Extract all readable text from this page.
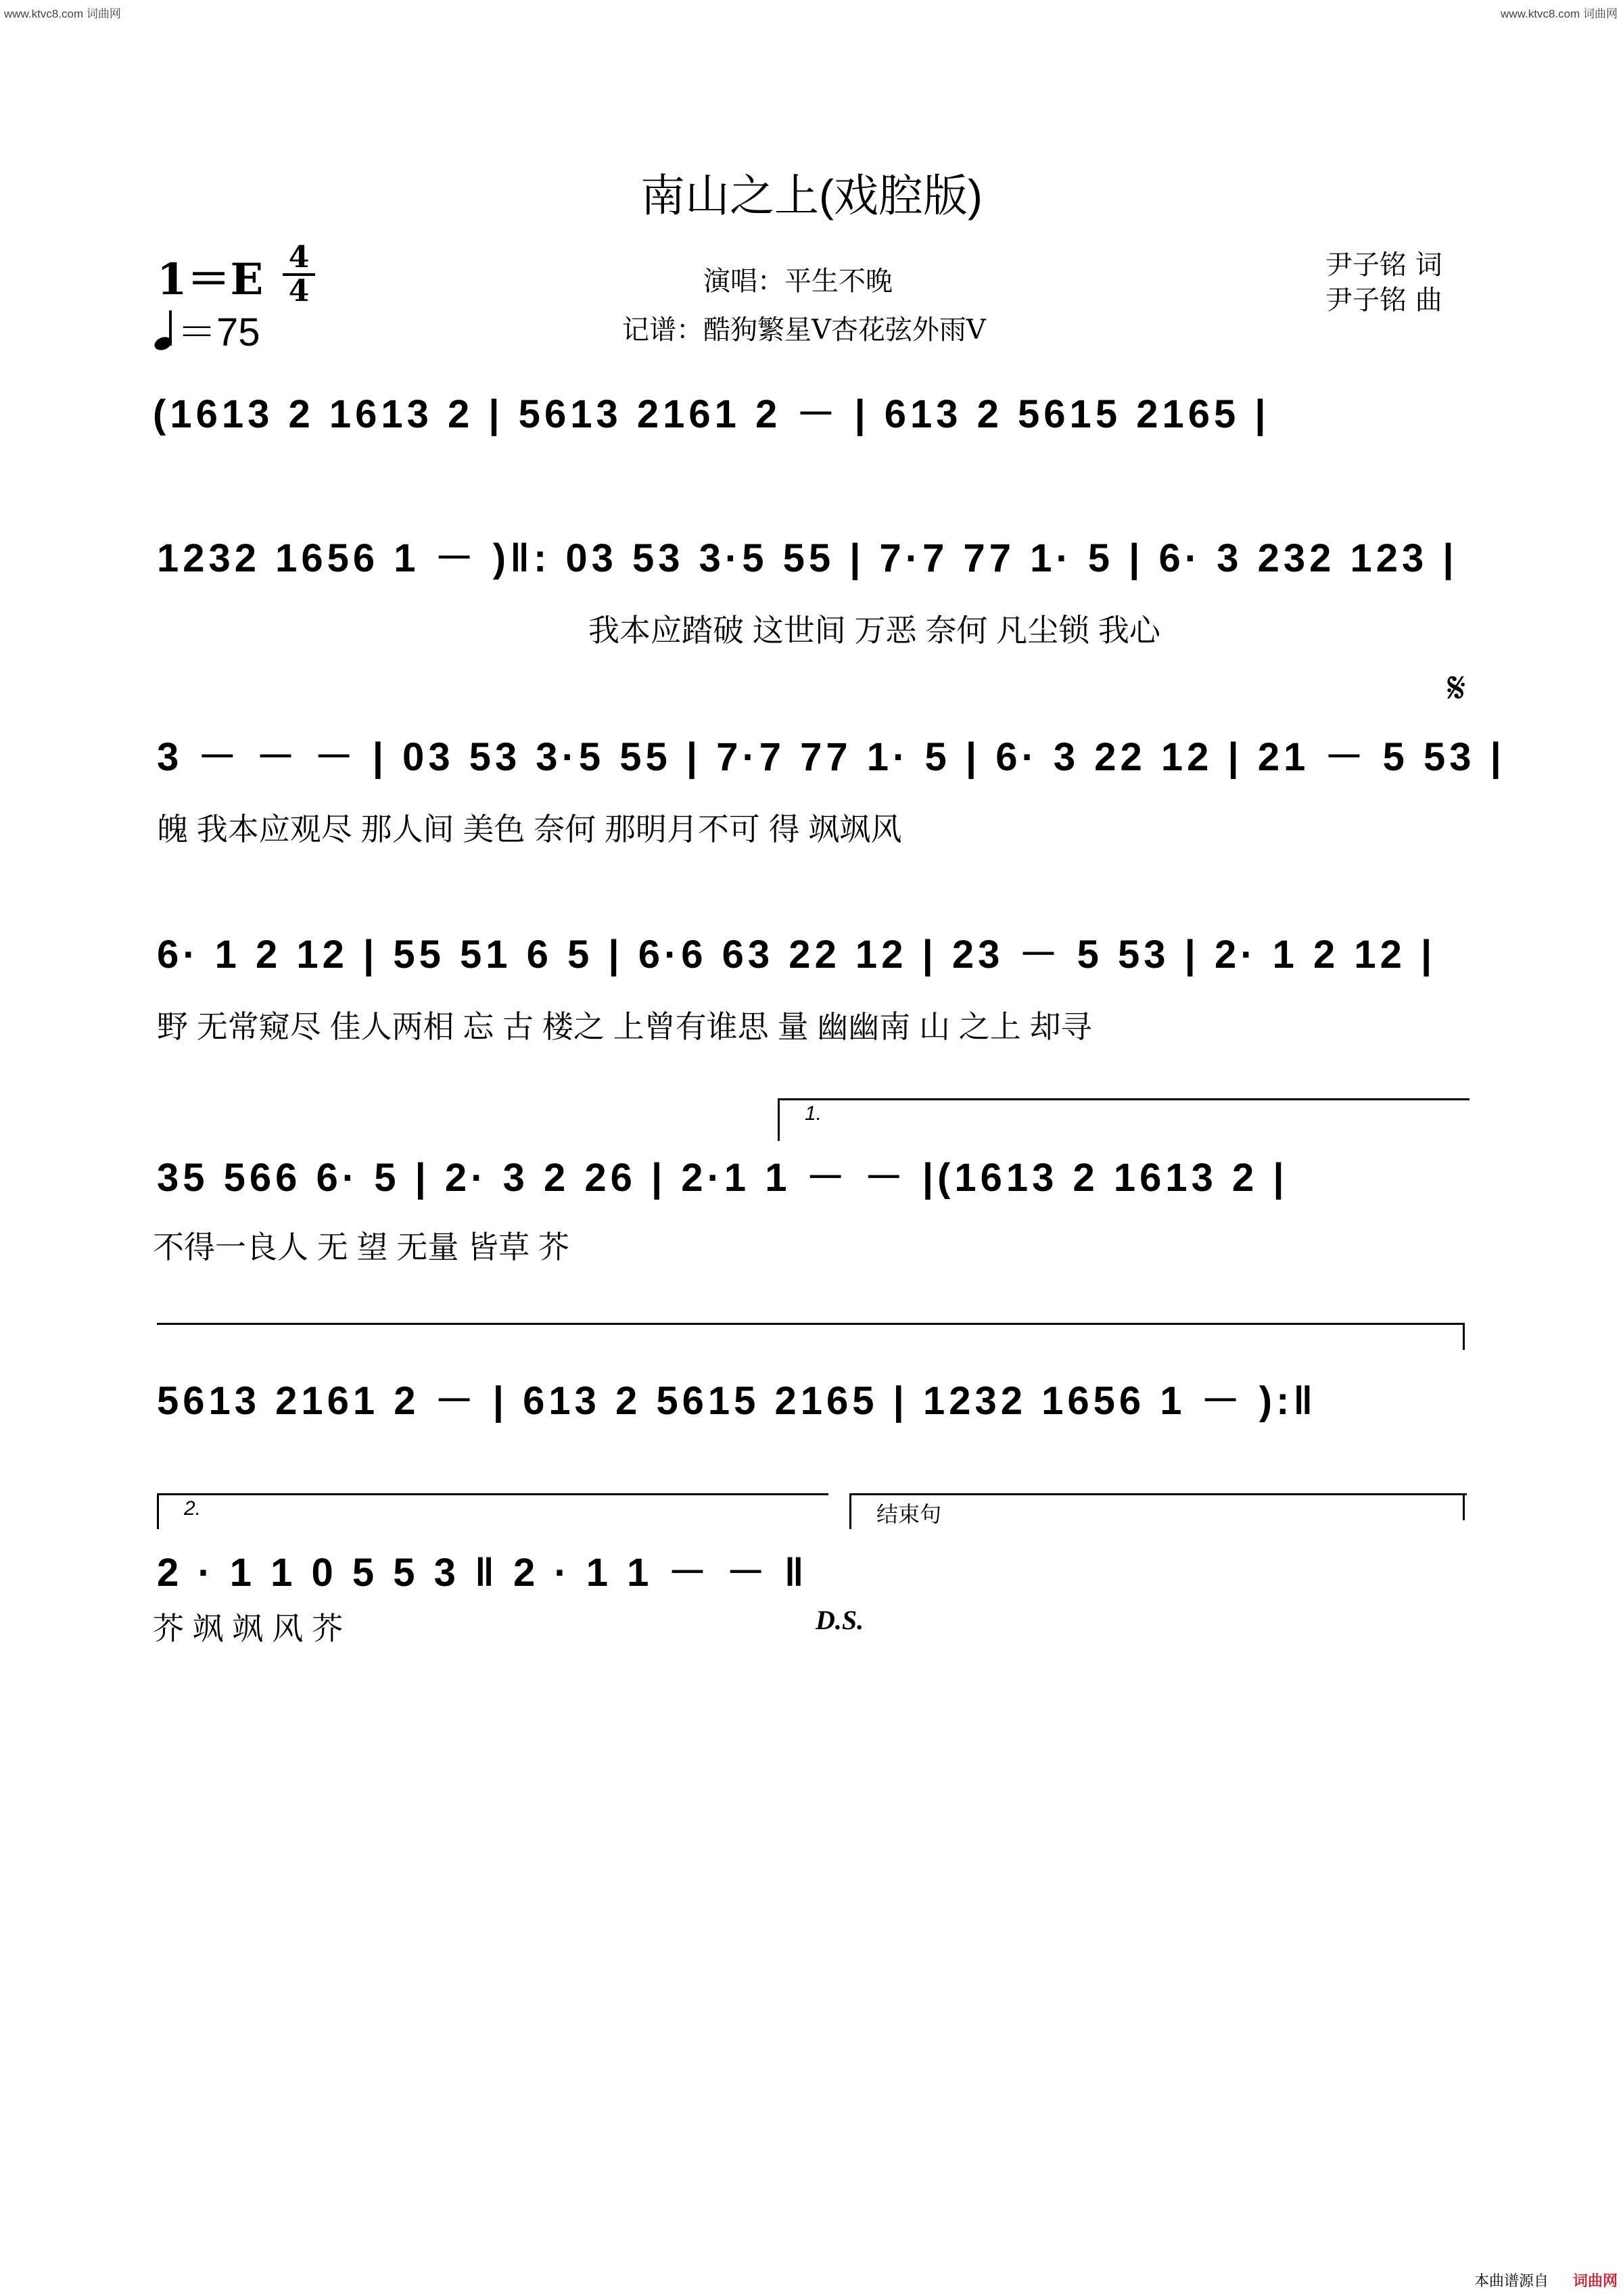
www.ktvc8.com 词曲网	www.ktvc8.com 词曲网
南山之上(戏腔版)
1＝E 4
4
＝75
演唱：平生不晚
记谱：酷狗繁星V杏花弦外雨V
尹子铭 词
尹子铭 曲
𝄋
(1613 2 1613 2 | 5613 2161 2 － | 613 2 5615 2165 |
1232 1656 1 － )‖: 03 53 3·5 55 | 7·7 77 1· 5 | 6· 3 232 123 |
我本应踏破 这世间 万恶 奈何 凡尘锁 我心
3 － － － | 03 53 3·5 55 | 7·7 77 1· 5 | 6· 3 22 12 | 21 － 5 53 |
魄 我本应观尽 那人间 美色 奈何 那明月不可 得 飒飒风
6· 1 2 12 | 55 51 6 5 | 6·6 63 22 12 | 23 － 5 53 | 2· 1 2 12 |
野 无常窥尽 佳人两相 忘 古 楼之 上曾有谁思 量 幽幽南 山 之上 却寻
1.
35 566 6· 5 | 2· 3 2 26 | 2·1 1 － － |(1613 2 1613 2 |
不得一良人 无 望 无量 皆草 芥
5613 2161 2 － | 613 2 5615 2165 | 1232 1656 1 － ):‖
2.	结束句
2 · 1 1 0 5 5 3 ‖ 2 · 1 1 － － ‖
芥 飒 飒 风 芥	D.S.
本曲谱源自 词曲网
